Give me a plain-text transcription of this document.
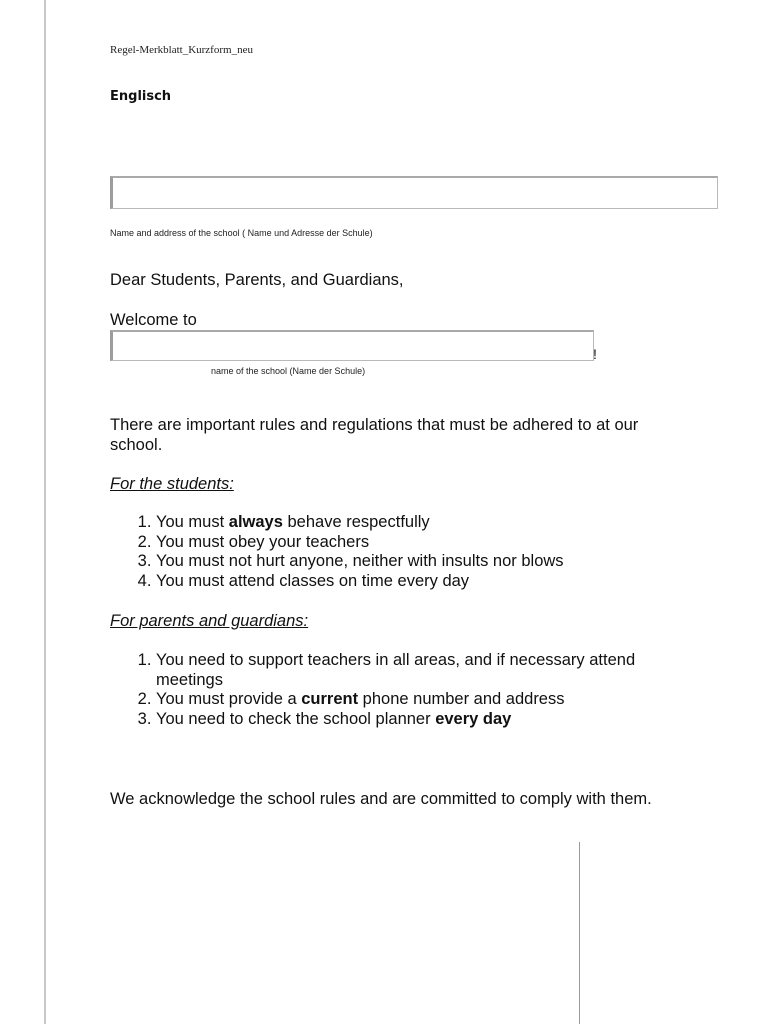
Regel-Merkblatt_Kurzform_neu
Englisch
Name and address of the school ( Name und Adresse der Schule)
Dear Students, Parents, and Guardians,
Welcome to
!
name of the school (Name der Schule)

There are important rules and regulations that must be adhered to at our school.

For the students:
1. You must always behave respectfully
2. You must obey your teachers
3. You must not hurt anyone, neither with insults nor blows
4. You must attend classes on time every day
For parents and guardians:
1. You need to support teachers in all areas, and if necessary attend meetings
2. You must provide a current phone number and address
3. You need to check the school planner every day

We acknowledge the school rules and are committed to comply with them.
